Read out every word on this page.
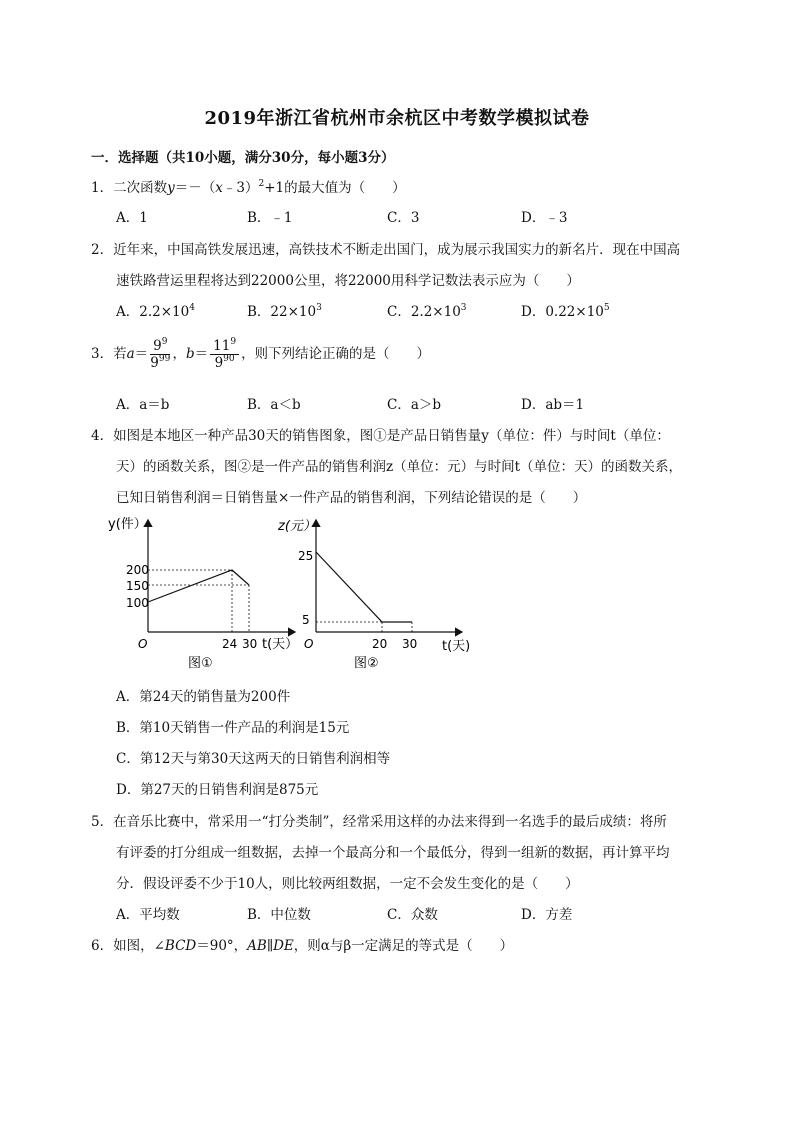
2019年浙江省杭州市余杭区中考数学模拟试卷
一．选择题（共10小题，满分30分，每小题3分）
1．二次函数y＝－（x﹣3）$^2$+1的最大值为（　　）
A．1	B．﹣1	C．3	D．﹣3
2．近年来，中国高铁发展迅速，高铁技术不断走出国门，成为展示我国实力的新名片．现在中国高
速铁路营运里程将达到22000公里，将22000用科学记数法表示应为（　　）
A．$2.2\times 10^4$	B．$22\times 10^3$	C．$2.2\times 10^3$	D．$0.22\times 10^5$
3．若$a= \frac{9^9}{9^{99}}$ ，$b= \frac{11^9}{9^{90}}$ ，则下列结论正确的是（　　）
A．a＝b	B．a＜b	C．a＞b	D．ab＝1
4．如图是本地区一种产品30天的销售图象，图①是产品日销售量y（单位：件）与时间t（单位：
天）的函数关系，图②是一件产品的销售利润z（单位：元）与时间t（单位：天）的函数关系，
已知日销售利润＝日销售量×一件产品的销售利润，下列结论错误的是（　　）
y(件）
O
200
150
100
24 30 t(天）
图①
z(元）
O
25
5
20 30 t(天)
图②
A．第24天的销售量为200件
B．第10天销售一件产品的利润是15元
C．第12天与第30天这两天的日销售利润相等
D．第27天的日销售利润是875元
5．在音乐比赛中，常采用一“打分类制”，经常采用这样的办法来得到一名选手的最后成绩：将所
有评委的打分组成一组数据，去掉一个最高分和一个最低分，得到一组新的数据，再计算平均
分．假设评委不少于10人，则比较两组数据，一定不会发生变化的是（　　）
A．平均数	B．中位数	C．众数	D．方差
6．如图，∠BCD＝90°，AB∥DE，则α与β一定满足的等式是（　　）
